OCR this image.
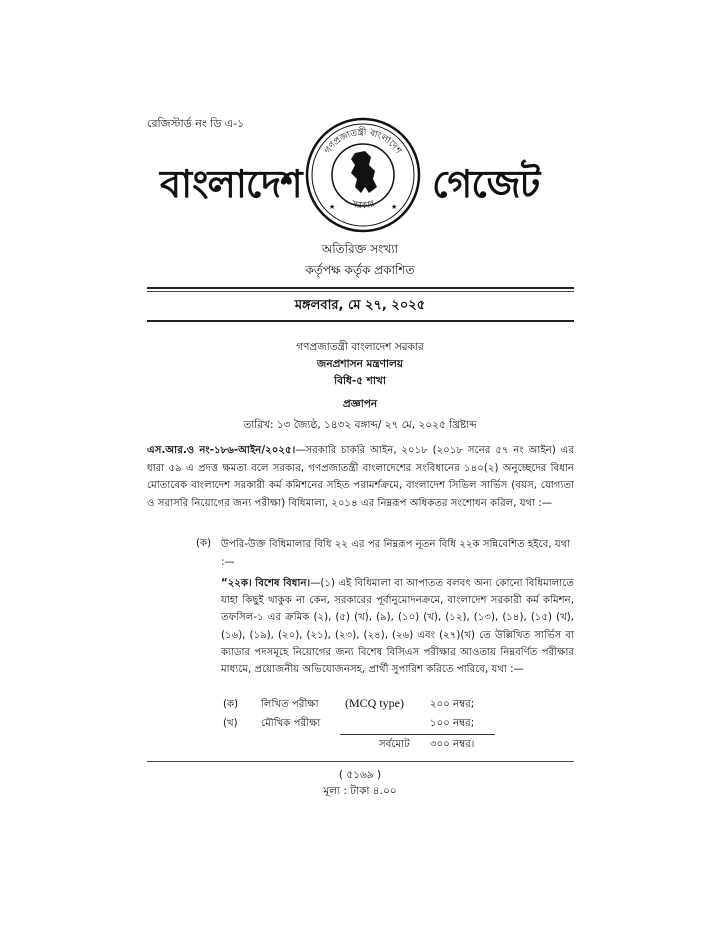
রেজিস্টার্ড নং ডি এ-১
বাংলাদেশ
গণপ্রজাতন্ত্রী বাংলাদেশ
সরকার
★	★
গেজেট
অতিরিক্ত সংখ্যা
কর্তৃপক্ষ কর্তৃক প্রকাশিত
মঙ্গলবার, মে ২৭, ২০২৫
গণপ্রজাতন্ত্রী বাংলাদেশ সরকার
জনপ্রশাসন মন্ত্রণালয়
বিধি-৫ শাখা
প্রজ্ঞাপন
তারিখ: ১৩ জ্যৈষ্ঠ, ১৪৩২ বঙ্গাব্দ/ ২৭ মে, ২০২৫ খ্রিষ্টাব্দ
এস.আর.ও নং-১৮৬-আইন/২০২৫।—সরকারি চাকরি আইন, ২০১৮ (২০১৮ সনের ৫৭ নং আইন) এর ধারা ৫৯ এ প্রদত্ত ক্ষমতা বলে সরকার, গণপ্রজাতন্ত্রী বাংলাদেশের সংবিধানের ১৪০(২) অনুচ্ছেদের বিধান মোতাবেক বাংলাদেশ সরকারী কর্ম কমিশনের সহিত পরামর্শক্রমে, বাংলাদেশ সিভিল সার্ভিস (বয়স, যোগ্যতা ও সরাসরি নিয়োগের জন্য পরীক্ষা) বিধিমালা, ২০১৪ এর নিম্নরূপ অধিকতর সংশোধন করিল, যথা :—
(ক) উপরি-উক্ত বিধিমালার বিধি ২২ এর পর নিম্নরূপ নূতন বিধি ২২ক সন্নিবেশিত হইবে, যথা :—
“২২ক। বিশেষ বিধান।—(১) এই বিধিমালা বা আপাতত বলবৎ অন্য কোনো বিধিমালাতে যাহা কিছুই থাকুক না কেন, সরকারের পূর্বানুমোদনক্রমে, বাংলাদেশ সরকারী কর্ম কমিশন, তফসিল-১ এর ক্রমিক (২), (৫) (খ), (৯), (১০) (খ), (১২), (১৩), (১৪), (১৫) (খ), (১৬), (১৯), (২০), (২১), (২৩), (২৪), (২৬) এবং (২৭)(খ) তে উল্লিখিত সার্ভিস বা ক্যাডার পদসমূহে নিয়োগের জন্য বিশেষ বিসিএস পরীক্ষার আওতায় নিম্নবর্ণিত পরীক্ষার মাধ্যমে, প্রয়োজনীয় অভিযোজনসহ, প্রার্থী সুপারিশ করিতে পারিবে, যথা :—
(ক) লিখিত পরীক্ষা (MCQ type)	২০০ নম্বর;
(খ) মৌখিক পরীক্ষা	১০০ নম্বর;
সর্বমোট ৩০০ নম্বর।
( ৫১৬৯ )
মূল্য : টাকা ৪.০০
